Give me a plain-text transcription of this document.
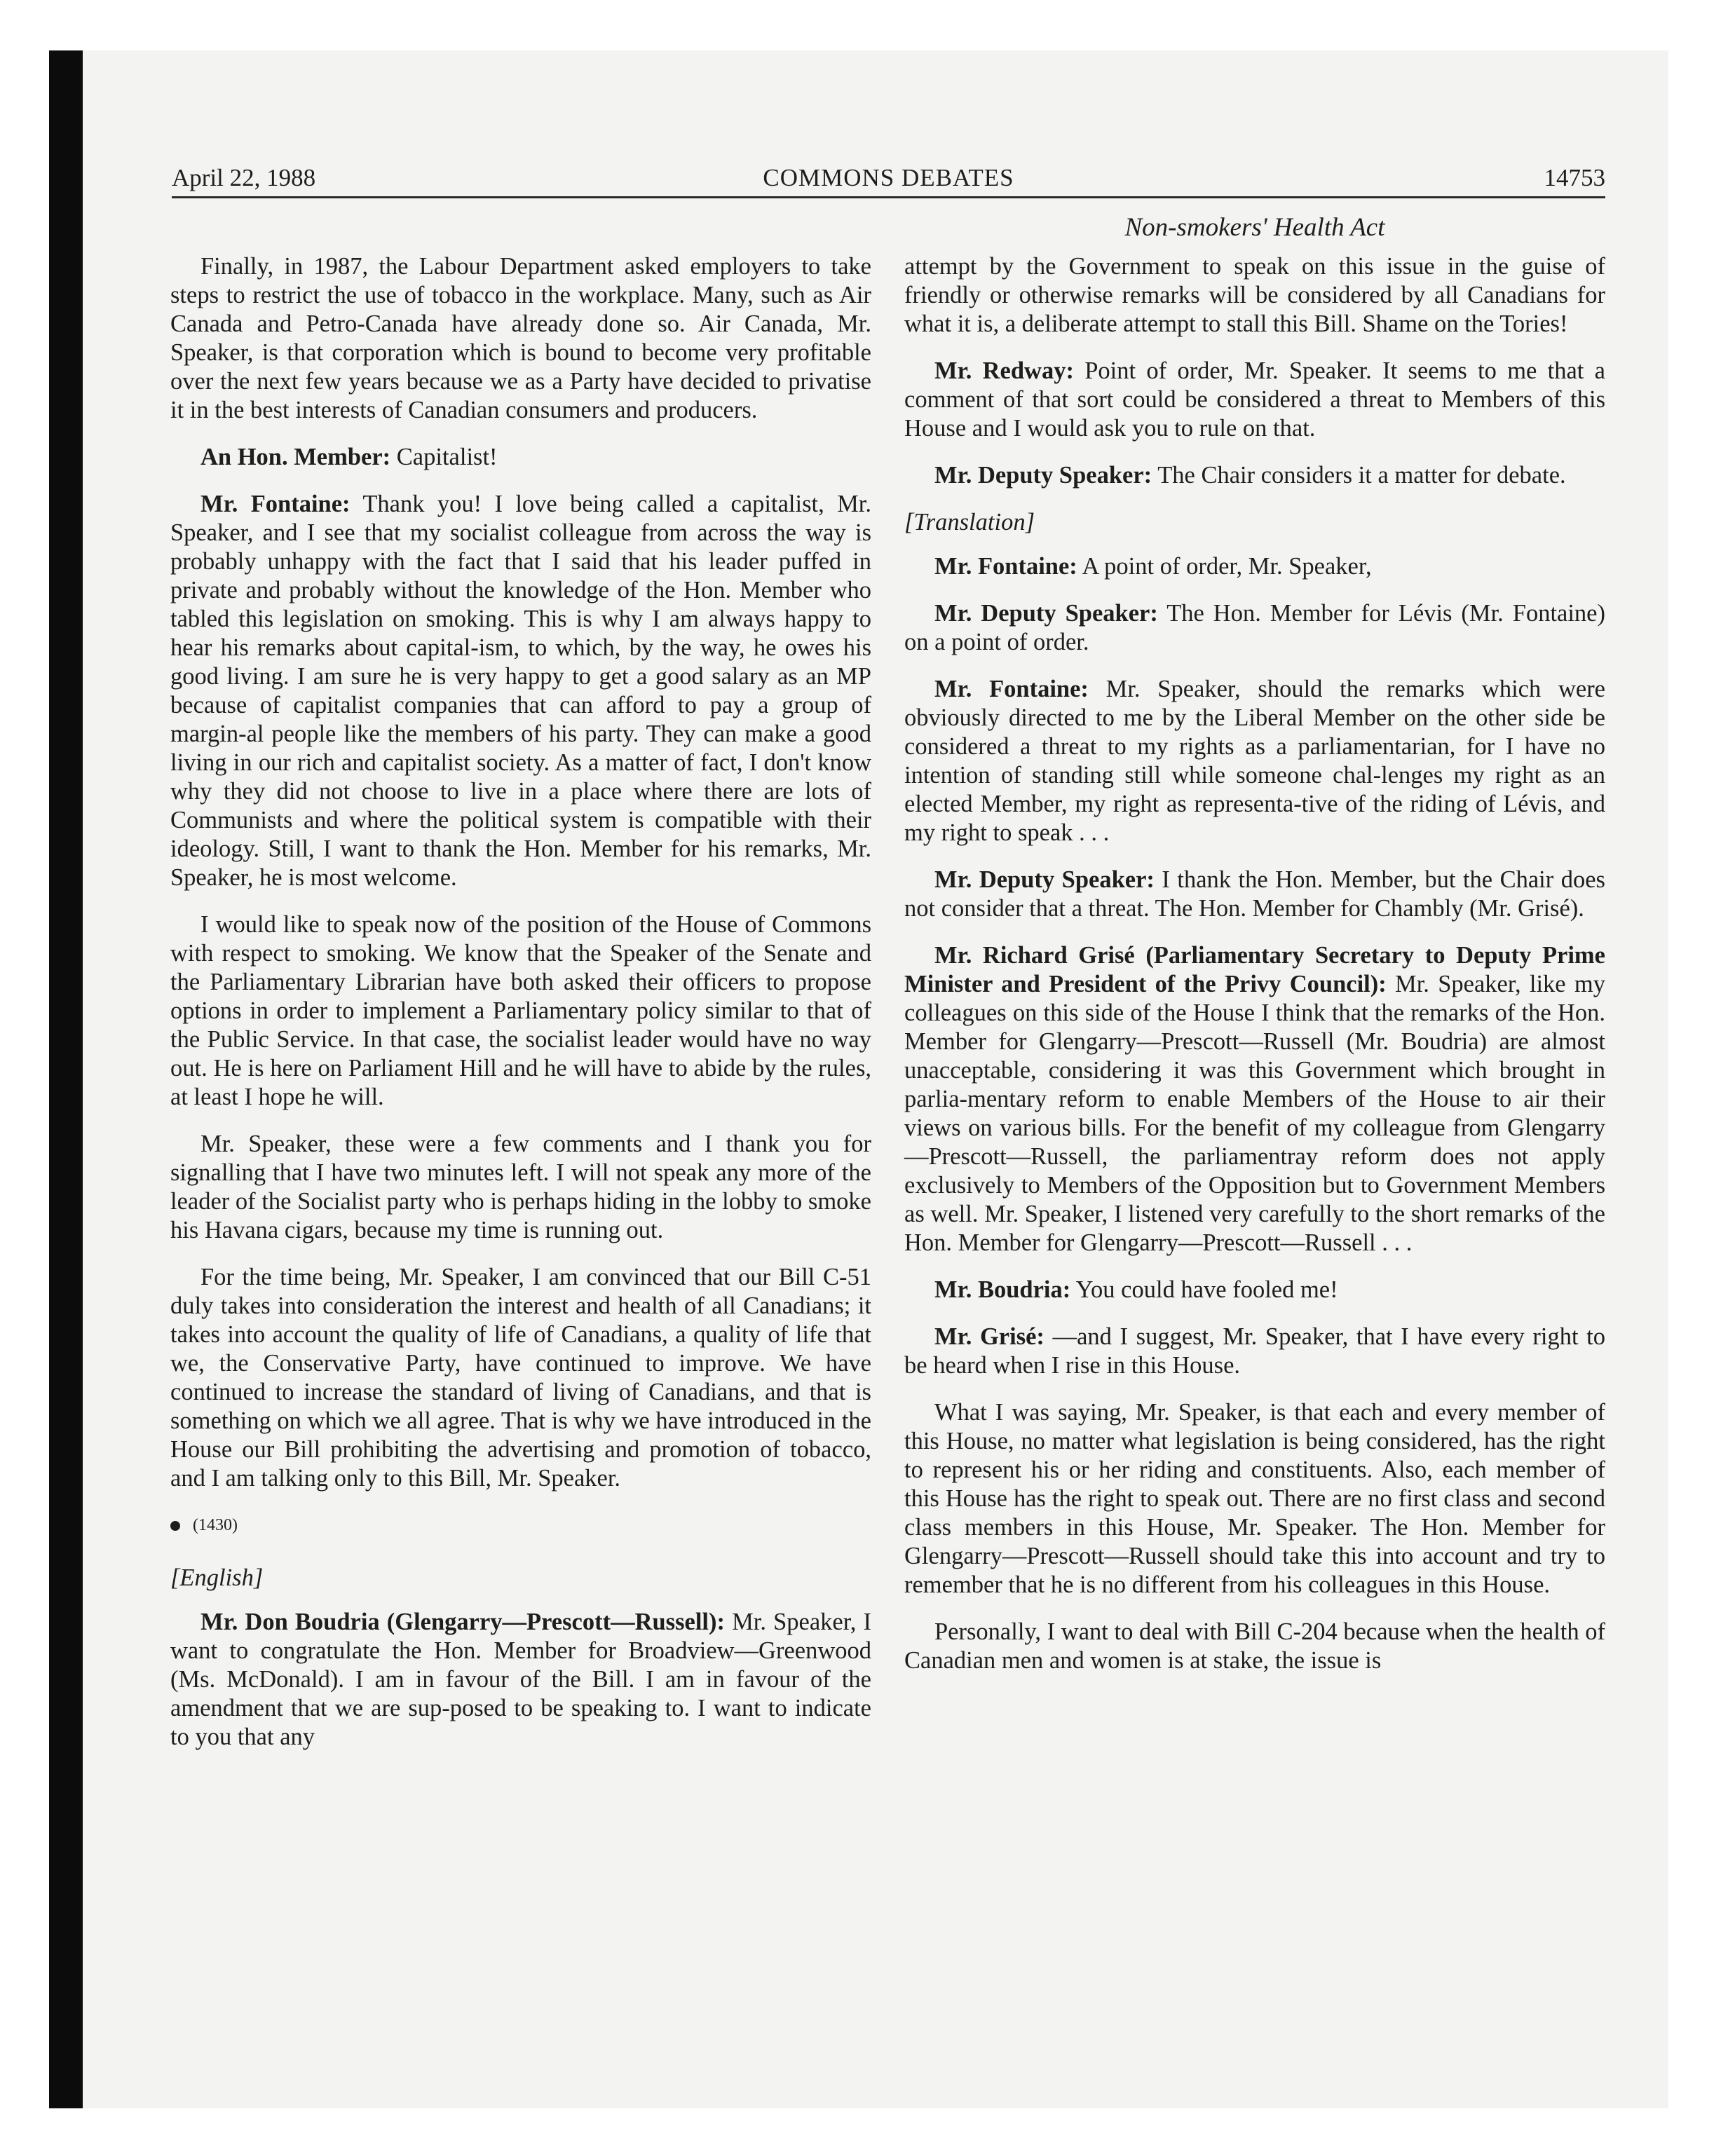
April 22, 1988	COMMONS DEBATES	14753
Non-smokers' Health Act

Finally, in 1987, the Labour Department asked employers to take steps to restrict the use of tobacco in the workplace. Many, such as Air Canada and Petro-Canada have already done so. Air Canada, Mr. Speaker, is that corporation which is bound to become very profitable over the next few years because we as a Party have decided to privatise it in the best interests of Canadian consumers and producers.

An Hon. Member: Capitalist!

Mr. Fontaine: Thank you! I love being called a capitalist, Mr. Speaker, and I see that my socialist colleague from across the way is probably unhappy with the fact that I said that his leader puffed in private and probably without the knowledge of the Hon. Member who tabled this legislation on smoking. This is why I am always happy to hear his remarks about capital-ism, to which, by the way, he owes his good living. I am sure he is very happy to get a good salary as an MP because of capitalist companies that can afford to pay a group of margin-al people like the members of his party. They can make a good living in our rich and capitalist society. As a matter of fact, I don't know why they did not choose to live in a place where there are lots of Communists and where the political system is compatible with their ideology. Still, I want to thank the Hon. Member for his remarks, Mr. Speaker, he is most welcome.

I would like to speak now of the position of the House of Commons with respect to smoking. We know that the Speaker of the Senate and the Parliamentary Librarian have both asked their officers to propose options in order to implement a Parliamentary policy similar to that of the Public Service. In that case, the socialist leader would have no way out. He is here on Parliament Hill and he will have to abide by the rules, at least I hope he will.

Mr. Speaker, these were a few comments and I thank you for signalling that I have two minutes left. I will not speak any more of the leader of the Socialist party who is perhaps hiding in the lobby to smoke his Havana cigars, because my time is running out.

For the time being, Mr. Speaker, I am convinced that our Bill C-51 duly takes into consideration the interest and health of all Canadians; it takes into account the quality of life of Canadians, a quality of life that we, the Conservative Party, have continued to improve. We have continued to increase the standard of living of Canadians, and that is something on which we all agree. That is why we have introduced in the House our Bill prohibiting the advertising and promotion of tobacco, and I am talking only to this Bill, Mr. Speaker.

(1430)

[English]

Mr. Don Boudria (Glengarry—Prescott—Russell): Mr. Speaker, I want to congratulate the Hon. Member for Broadview—Greenwood (Ms. McDonald). I am in favour of the Bill. I am in favour of the amendment that we are sup-posed to be speaking to. I want to indicate to you that any

attempt by the Government to speak on this issue in the guise of friendly or otherwise remarks will be considered by all Canadians for what it is, a deliberate attempt to stall this Bill. Shame on the Tories!

Mr. Redway: Point of order, Mr. Speaker. It seems to me that a comment of that sort could be considered a threat to Members of this House and I would ask you to rule on that.

Mr. Deputy Speaker: The Chair considers it a matter for debate.

[Translation]

Mr. Fontaine: A point of order, Mr. Speaker,

Mr. Deputy Speaker: The Hon. Member for Lévis (Mr. Fontaine) on a point of order.

Mr. Fontaine: Mr. Speaker, should the remarks which were obviously directed to me by the Liberal Member on the other side be considered a threat to my rights as a parliamentarian, for I have no intention of standing still while someone chal-lenges my right as an elected Member, my right as representa-tive of the riding of Lévis, and my right to speak . . .

Mr. Deputy Speaker: I thank the Hon. Member, but the Chair does not consider that a threat. The Hon. Member for Chambly (Mr. Grisé).

Mr. Richard Grisé (Parliamentary Secretary to Deputy Prime Minister and President of the Privy Council): Mr. Speaker, like my colleagues on this side of the House I think that the remarks of the Hon. Member for Glengarry—Prescott—Russell (Mr. Boudria) are almost unacceptable, considering it was this Government which brought in parlia-mentary reform to enable Members of the House to air their views on various bills. For the benefit of my colleague from Glengarry—Prescott—Russell, the parliamentray reform does not apply exclusively to Members of the Opposition but to Government Members as well. Mr. Speaker, I listened very carefully to the short remarks of the Hon. Member for Glengarry—Prescott—Russell . . .

Mr. Boudria: You could have fooled me!

Mr. Grisé: —and I suggest, Mr. Speaker, that I have every right to be heard when I rise in this House.

What I was saying, Mr. Speaker, is that each and every member of this House, no matter what legislation is being considered, has the right to represent his or her riding and constituents. Also, each member of this House has the right to speak out. There are no first class and second class members in this House, Mr. Speaker. The Hon. Member for Glengarry—Prescott—Russell should take this into account and try to remember that he is no different from his colleagues in this House.

Personally, I want to deal with Bill C-204 because when the health of Canadian men and women is at stake, the issue is
